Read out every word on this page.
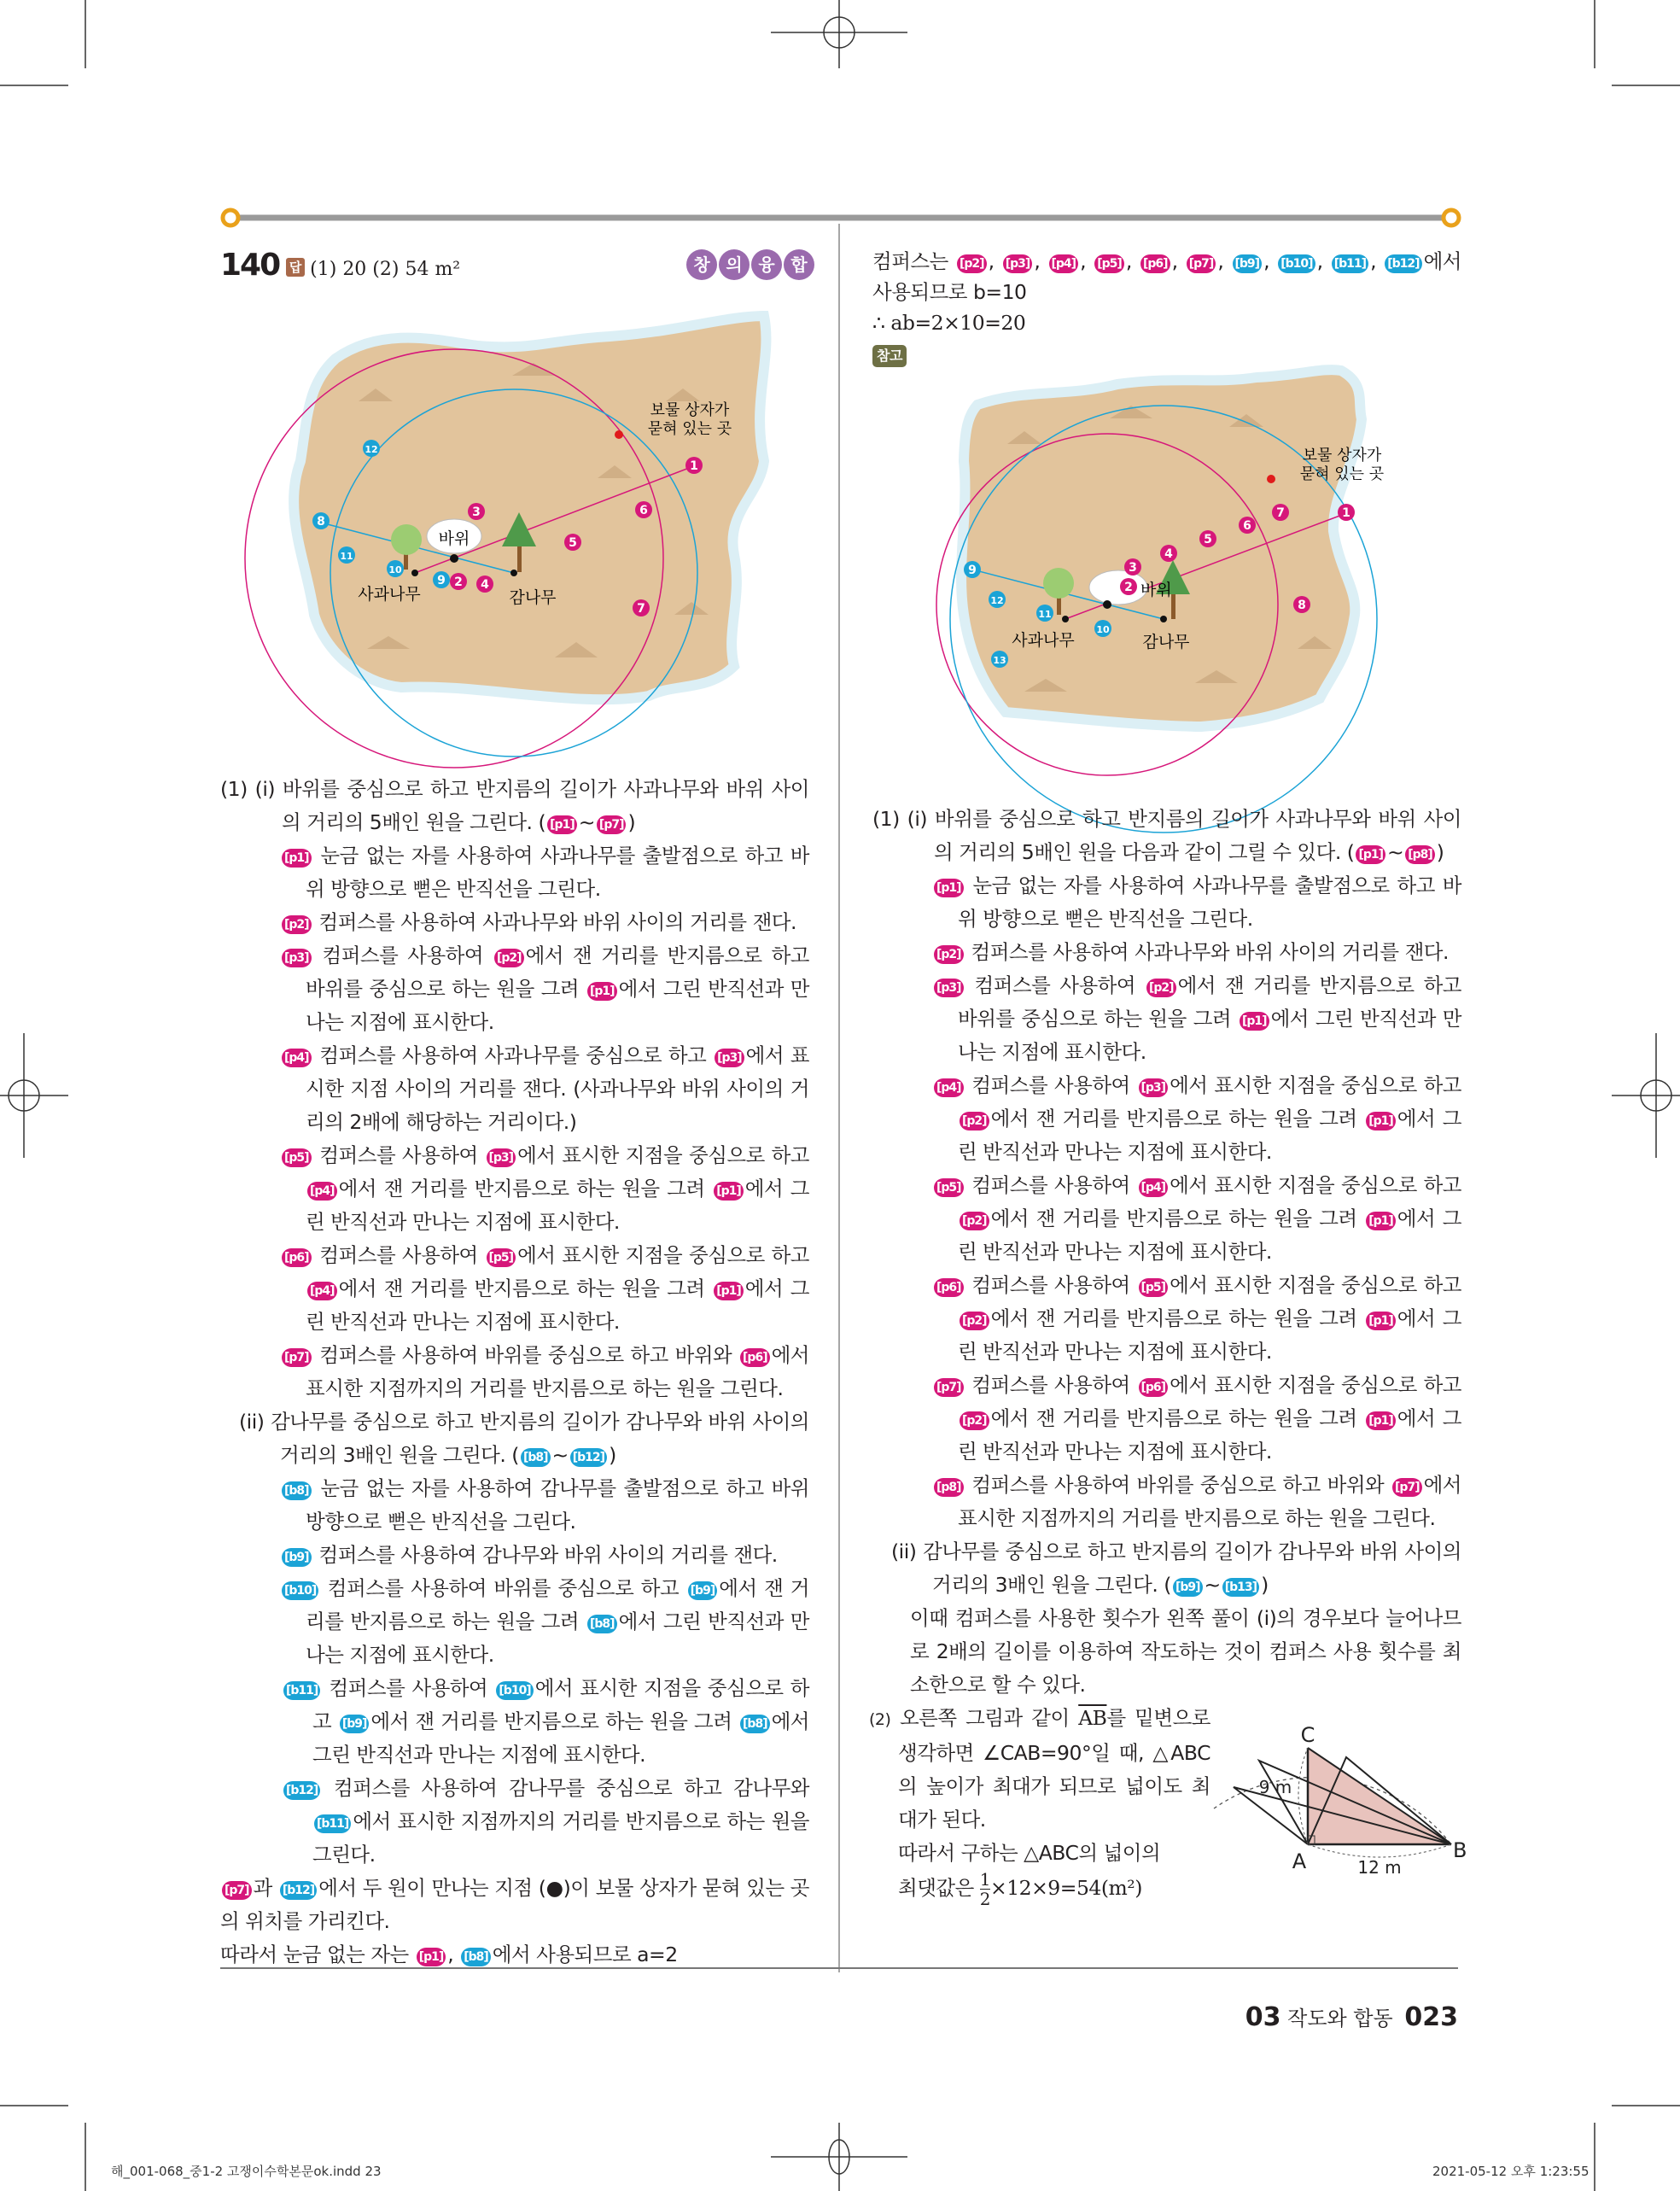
바위
사과나무	감나무
보물 상자가
묻혀 있는 곳
1
2
3
4
5
6
7
8
9
10
11
12
바위
사과나무	감나무
보물 상자가
묻혀 있는 곳
1
2
3
4
5
6
7
8
9
10
11
12
13
C
A	B
9 m
12 m
140 답 (1) 20 (2) 54 m²	창 의 융 합
(1) (i) 바위를 중심으로 하고 반지름의 길이가 사과나무와 바위 사이의 거리의 5배인 원을 그린다. ( [p1] ~ [p7] )
[p1] 눈금 없는 자를 사용하여 사과나무를 출발점으로 하고 바위 방향으로 뻗은 반직선을 그린다.
[p2] 컴퍼스를 사용하여 사과나무와 바위 사이의 거리를 잰다.
[p3] 컴퍼스를 사용하여 [p2] 에서 잰 거리를 반지름으로 하고 바위를 중심으로 하는 원을 그려 [p1] 에서 그린 반직선과 만나는 지점에 표시한다.
[p4] 컴퍼스를 사용하여 사과나무를 중심으로 하고 [p3] 에서 표시한 지점 사이의 거리를 잰다. (사과나무와 바위 사이의 거리의 2배에 해당하는 거리이다.)
[p5] 컴퍼스를 사용하여 [p3] 에서 표시한 지점을 중심으로 하고 [p4] 에서 잰 거리를 반지름으로 하는 원을 그려 [p1] 에서 그린 반직선과 만나는 지점에 표시한다.
[p6] 컴퍼스를 사용하여 [p5] 에서 표시한 지점을 중심으로 하고 [p4] 에서 잰 거리를 반지름으로 하는 원을 그려 [p1] 에서 그린 반직선과 만나는 지점에 표시한다.
[p7] 컴퍼스를 사용하여 바위를 중심으로 하고 바위와 [p6] 에서 표시한 지점까지의 거리를 반지름으로 하는 원을 그린다.
(ii) 감나무를 중심으로 하고 반지름의 길이가 감나무와 바위 사이의 거리의 3배인 원을 그린다. ( [b8] ~ [b12] )
[b8] 눈금 없는 자를 사용하여 감나무를 출발점으로 하고 바위 방향으로 뻗은 반직선을 그린다.
[b9] 컴퍼스를 사용하여 감나무와 바위 사이의 거리를 잰다.
[b10] 컴퍼스를 사용하여 바위를 중심으로 하고 [b9] 에서 잰 거리를 반지름으로 하는 원을 그려 [b8] 에서 그린 반직선과 만나는 지점에 표시한다.
[b11] 컴퍼스를 사용하여 [b10] 에서 표시한 지점을 중심으로 하고 [b9] 에서 잰 거리를 반지름으로 하는 원을 그려 [b8] 에서 그린 반직선과 만나는 지점에 표시한다.
[b12] 컴퍼스를 사용하여 감나무를 중심으로 하고 감나무와 [b11] 에서 표시한 지점까지의 거리를 반지름으로 하는 원을 그린다.
[p7] 과 [b12] 에서 두 원이 만나는 지점 (●)이 보물 상자가 묻혀 있는 곳의 위치를 가리킨다.
따라서 눈금 없는 자는 [p1] , [b8] 에서 사용되므로 a=2
컴퍼스는 [p2] , [p3] , [p4] , [p5] , [p6] , [p7] , [b9] , [b10] , [b11] , [b12] 에서 사용되므로 b=10
∴ ab=2×10=20
참고
(1) (i) 바위를 중심으로 하고 반지름의 길이가 사과나무와 바위 사이의 거리의 5배인 원을 다음과 같이 그릴 수 있다. ( [p1] ~ [p8] )
[p1] 눈금 없는 자를 사용하여 사과나무를 출발점으로 하고 바위 방향으로 뻗은 반직선을 그린다.
[p2] 컴퍼스를 사용하여 사과나무와 바위 사이의 거리를 잰다.
[p3] 컴퍼스를 사용하여 [p2] 에서 잰 거리를 반지름으로 하고 바위를 중심으로 하는 원을 그려 [p1] 에서 그린 반직선과 만나는 지점에 표시한다.
[p4] 컴퍼스를 사용하여 [p3] 에서 표시한 지점을 중심으로 하고 [p2] 에서 잰 거리를 반지름으로 하는 원을 그려 [p1] 에서 그린 반직선과 만나는 지점에 표시한다.
[p5] 컴퍼스를 사용하여 [p4] 에서 표시한 지점을 중심으로 하고 [p2] 에서 잰 거리를 반지름으로 하는 원을 그려 [p1] 에서 그린 반직선과 만나는 지점에 표시한다.
[p6] 컴퍼스를 사용하여 [p5] 에서 표시한 지점을 중심으로 하고 [p2] 에서 잰 거리를 반지름으로 하는 원을 그려 [p1] 에서 그린 반직선과 만나는 지점에 표시한다.
[p7] 컴퍼스를 사용하여 [p6] 에서 표시한 지점을 중심으로 하고 [p2] 에서 잰 거리를 반지름으로 하는 원을 그려 [p1] 에서 그린 반직선과 만나는 지점에 표시한다.
[p8] 컴퍼스를 사용하여 바위를 중심으로 하고 바위와 [p7] 에서 표시한 지점까지의 거리를 반지름으로 하는 원을 그린다.
(ii) 감나무를 중심으로 하고 반지름의 길이가 감나무와 바위 사이의 거리의 3배인 원을 그린다. ( [b9] ~ [b13] )
이때 컴퍼스를 사용한 횟수가 왼쪽 풀이 (i)의 경우보다 늘어나므로 2배의 길이를 이용하여 작도하는 것이 컴퍼스 사용 횟수를 최소한으로 할 수 있다.
(2) 오른쪽 그림과 같이 $\overline{AB}$를 밑변으로 생각하면 ∠CAB=90°일 때, △ABC의 높이가 최대가 되므로 넓이도 최대가 된다.
따라서 구하는 △ABC의 넓이의
최댓값은 $\frac{1}{2} \times 12\times 9=54(m^2)$
03 작도와 합동 023
해_001-068_중1-2 고쟁이수학본문ok.indd 23	2021-05-12 오후 1:23:55
